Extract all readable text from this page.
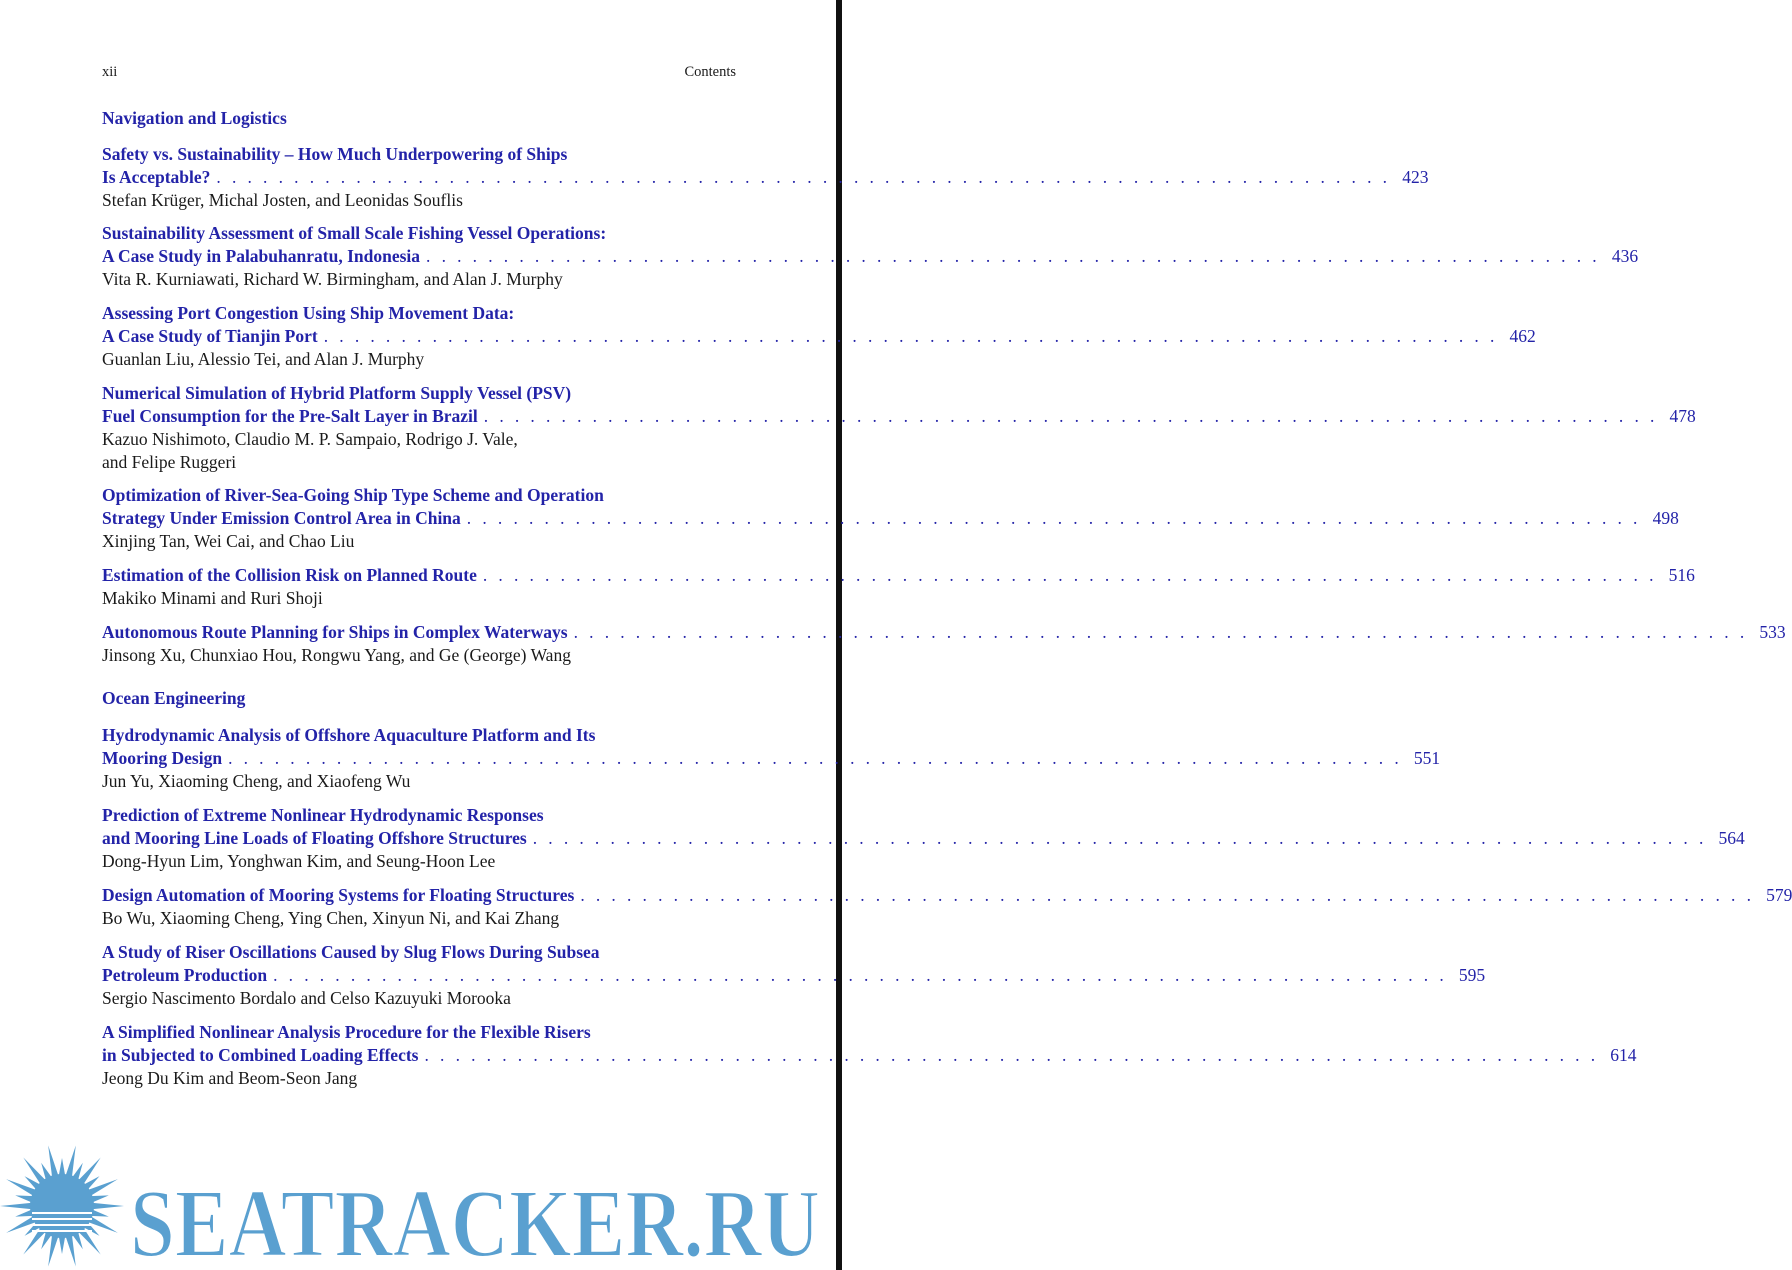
xii	Contents
Navigation and Logistics
Safety vs. Sustainability – How Much Underpowering of Ships
Is Acceptable? . . .	423
Stefan Krüger, Michal Josten, and Leonidas Souflis
Sustainability Assessment of Small Scale Fishing Vessel Operations:
A Case Study in Palabuhanratu, Indonesia . . .	436
Vita R. Kurniawati, Richard W. Birmingham, and Alan J. Murphy
Assessing Port Congestion Using Ship Movement Data:
A Case Study of Tianjin Port . . .	462
Guanlan Liu, Alessio Tei, and Alan J. Murphy
Numerical Simulation of Hybrid Platform Supply Vessel (PSV)
Fuel Consumption for the Pre-Salt Layer in Brazil . . .	478
Kazuo Nishimoto, Claudio M. P. Sampaio, Rodrigo J. Vale,
and Felipe Ruggeri
Optimization of River-Sea-Going Ship Type Scheme and Operation
Strategy Under Emission Control Area in China . . .	498
Xinjing Tan, Wei Cai, and Chao Liu
Estimation of the Collision Risk on Planned Route . . .	516
Makiko Minami and Ruri Shoji
Autonomous Route Planning for Ships in Complex Waterways . . .	533
Jinsong Xu, Chunxiao Hou, Rongwu Yang, and Ge (George) Wang
Ocean Engineering
Hydrodynamic Analysis of Offshore Aquaculture Platform and Its
Mooring Design . . .	551
Jun Yu, Xiaoming Cheng, and Xiaofeng Wu
Prediction of Extreme Nonlinear Hydrodynamic Responses
and Mooring Line Loads of Floating Offshore Structures . . .	564
Dong-Hyun Lim, Yonghwan Kim, and Seung-Hoon Lee
Design Automation of Mooring Systems for Floating Structures . . .	579
Bo Wu, Xiaoming Cheng, Ying Chen, Xinyun Ni, and Kai Zhang
A Study of Riser Oscillations Caused by Slug Flows During Subsea
Petroleum Production . . .	595
Sergio Nascimento Bordalo and Celso Kazuyuki Morooka
A Simplified Nonlinear Analysis Procedure for the Flexible Risers
in Subjected to Combined Loading Effects . . .	614
Jeong Du Kim and Beom-Seon Jang
SEATRACKER.RU
